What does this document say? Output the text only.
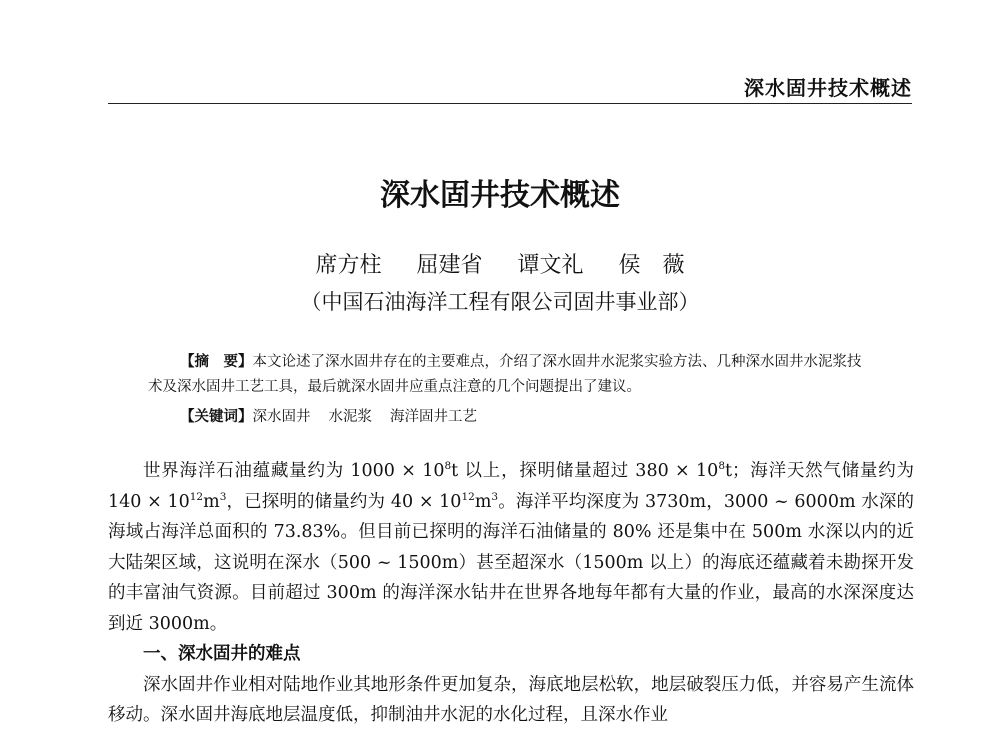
深水固井技术概述
深水固井技术概述
席方柱 屈建省 谭文礼 侯　薇
（中国石油海洋工程有限公司固井事业部）

【摘　要】本文论述了深水固井存在的主要难点，介绍了深水固井水泥浆实验方法、几种深水固井水泥浆技术及深水固井工艺工具，最后就深水固井应重点注意的几个问题提出了建议。

【关键词】深水固井 水泥浆 海洋固井工艺

世界海洋石油蕴藏量约为 $1000 \times 10^8t$ 以上，探明储量超过 $380 \times 10^8t$；海洋天然气储量约为 $140 \times 10^{12}m^3$，已探明的储量约为 $40 \times 10^{12}m^3$。海洋平均深度为 3730m，3000 ~ 6000m 水深的海域占海洋总面积的 73.83%。但目前已探明的海洋石油储量的 80% 还是集中在 500m 水深以内的近大陆架区域，这说明在深水（500 ~ 1500m）甚至超深水（1500m 以上）的海底还蕴藏着未勘探开发的丰富油气资源。目前超过 300m 的海洋深水钻井在世界各地每年都有大量的作业，最高的水深深度达到近 3000m。

一、深水固井的难点

深水固井作业相对陆地作业其地形条件更加复杂，海底地层松软，地层破裂压力低，并容易产生流体移动。深水固井海底地层温度低，抑制油井水泥的水化过程，且深水作业
